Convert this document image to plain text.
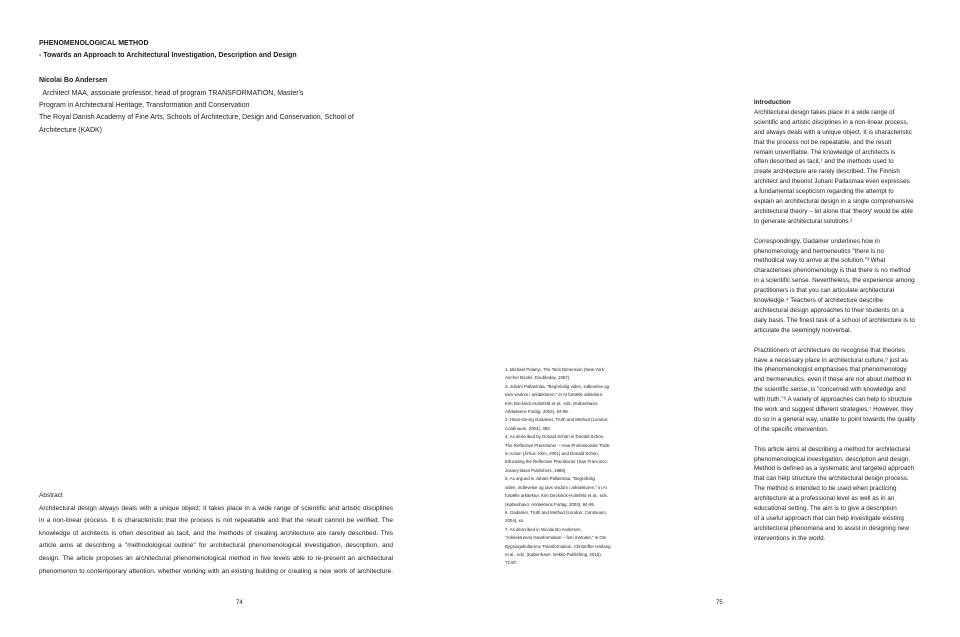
PHENOMENOLOGICAL METHOD
- Towards an Approach to Architectural Investigation, Description and Design
Nicolai Bo Andersen  Architect MAA, associate professor, head of program TRANSFORMATION, Master's
Program in Architectural Heritage, Transformation and Conservation
The Royal Danish Academy of Fine Arts, Schools of Architecture, Design and Conservation, School of
Architecture (KADK)
Abstract
Architectural design always deals with a unique object; it takes place in a wide range of scientific and artistic disciplines
in a non-linear process. It is characteristic that the process is not repeatable and that the result cannot be verified. The
knowledge of architects is often described as tacit, and the methods of creating architecture are rarely described. This
article aims at describing a "methodological outline" for architectural phenomenological investigation, description, and
design. The article proposes an architectural phenomenological method in five levels able to re-present an architectural
phenomenon to contemporary attention, whether working with an existing building or creating a new work of architecture.
74	75
1. Michael Polanyi, The Tacit Dimension (New York:
Anchor Books, Doubleday, 1967).
2. Juhani Pallasmaa, "Begrebslig viden, indlevelse og
tavs visdom i arkitekturen," in At fortælle arkitektur,
Kim Dirckinck-Holmfeld et al., eds. (København:
Arkitektens Forlag, 2003), 84-99.
3. Hans-Georg Gadamer, Truth and Method (London:
Continuum, 2004), 359.
4. As described by Donald Schön in Donald Schön,
The Reflective Practitioner – How Professionals Think
in Action (Århus: Klim, 2001) and Donald Schön,
Educating the Reflective Practitioner (San Francisco:
Jossey-Bass Publishers, 1989).
5. As argued in Juhani Pallasmaa, "Begrebslig
viden, indlevelse og tavs visdom i arkitekturen," in At
fortælle arkitektur, Kim Dirckinck-Holmfeld et al., eds.
(København: Arkitektens Forlag, 2003), 84-99.
6. Gadamer, Truth and Method (London: Continuum,
2004), xx.
7. As described in Nicolai Bo Andersen,
"Arkitekturens transformation – fem metoder," in Om
Bygningskulturens Transformation, Christoffer Harlang
et al., eds. (København: Gekko Publishing, 2015),
72-87.
Introduction

Architectural design takes place in a wide range of
scientific and artistic disciplines in a non-linear process,
and always deals with a unique object. It is characteristic
that the process not be repeatable, and the result
remain unverifiable. The knowledge of architects is
often described as tacit,¹ and the methods used to
create architecture are rarely described. The Finnish
architect and theorist Juhani Pallasmaa even expresses
a fundamental scepticism regarding the attempt to
explain an architectural design in a single comprehensive
architectural theory – let alone that 'theory' would be able
to generate architectural solutions.²

Correspondingly, Gadamer underlines how in
phenomenology and hermeneutics "there is no
methodical way to arrive at the solution."³ What
characterises phenomenology is that there is no method
in a scientific sense. Nevertheless, the experience among
practitioners is that you can articulate architectural
knowledge.⁴ Teachers of architecture describe
architectural design approaches to their students on a
daily basis. The finest task of a school of architecture is to
articulate the seemingly nonverbal.

Practitioners of architecture do recognise that theories
have a necessary place in architectural culture,⁵ just as
the phenomenologist emphasises that phenomenology
and hermeneutics, even if these are not about method in
the scientific sense, is "concerned with knowledge and
with truth."⁶ A variety of approaches can help to structure
the work and suggest different strategies.⁷ However, they
do so in a general way, unable to point towards the quality
of the specific intervention.

This article aims at describing a method for architectural
phenomenological investigation, description and design.
Method is defined as a systematic and targeted approach
that can help structure the architectural design process.
The method is intended to be used when practicing
architecture at a professional level as well as in an
educational setting. The aim is to give a description
of a useful approach that can help investigate existing
architectural phenomena and to assist in designing new
interventions in the world.
